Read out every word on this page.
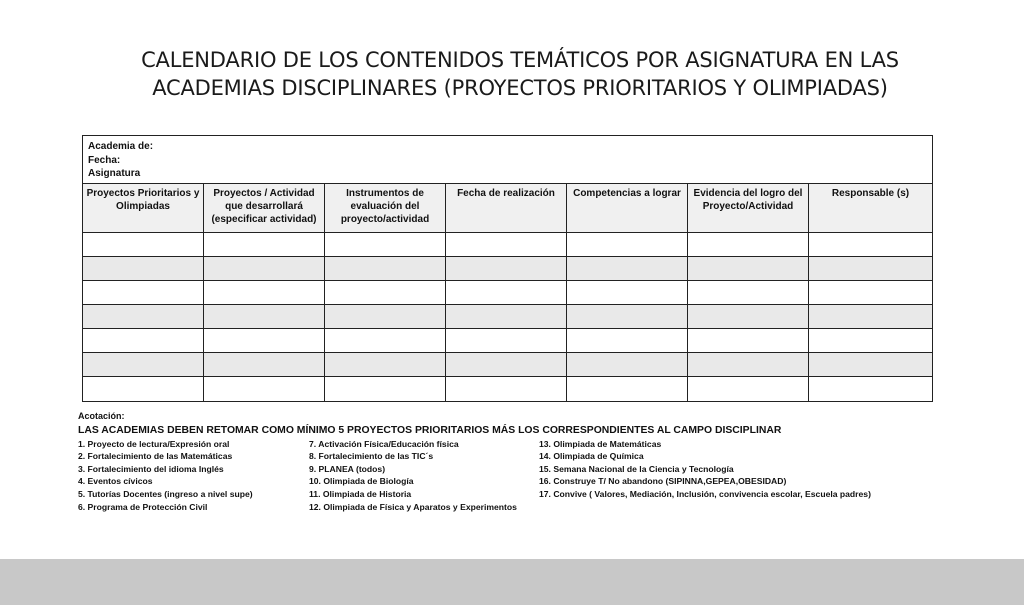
CALENDARIO DE LOS CONTENIDOS TEMÁTICOS POR ASIGNATURA EN LAS
ACADEMIAS DISCIPLINARES (PROYECTOS PRIORITARIOS Y OLIMPIADAS)
Academia de:
Fecha:
Asignatura
Proyectos Prioritarios y Olimpiadas
Proyectos / Actividad que desarrollará (especificar actividad)
Instrumentos de evaluación del proyecto/actividad
Fecha de realización	Competencias a lograr	Evidencia del logro del Proyecto/Actividad
Responsable (s)
Acotación:
LAS ACADEMIAS DEBEN RETOMAR COMO MÍNIMO 5 PROYECTOS PRIORITARIOS MÁS LOS CORRESPONDIENTES AL CAMPO DISCIPLINAR
1. Proyecto de lectura/Expresión oral
2. Fortalecimiento de las Matemáticas
3. Fortalecimiento del idioma Inglés
4. Eventos cívicos
5. Tutorías Docentes (ingreso a nivel supe)
6. Programa de Protección Civil
7. Activación Física/Educación física
8. Fortalecimiento de las TIC´s
9. PLANEA (todos)
10. Olimpiada de Biología
11. Olimpiada de Historia
12. Olimpiada de Física y Aparatos y Experimentos
13. Olimpiada de Matemáticas
14. Olimpiada de Química
15. Semana Nacional de la Ciencia y Tecnología
16. Construye T/ No abandono (SIPINNA,GEPEA,OBESIDAD)
17. Convive ( Valores, Mediación, Inclusión, convivencia escolar, Escuela padres)
